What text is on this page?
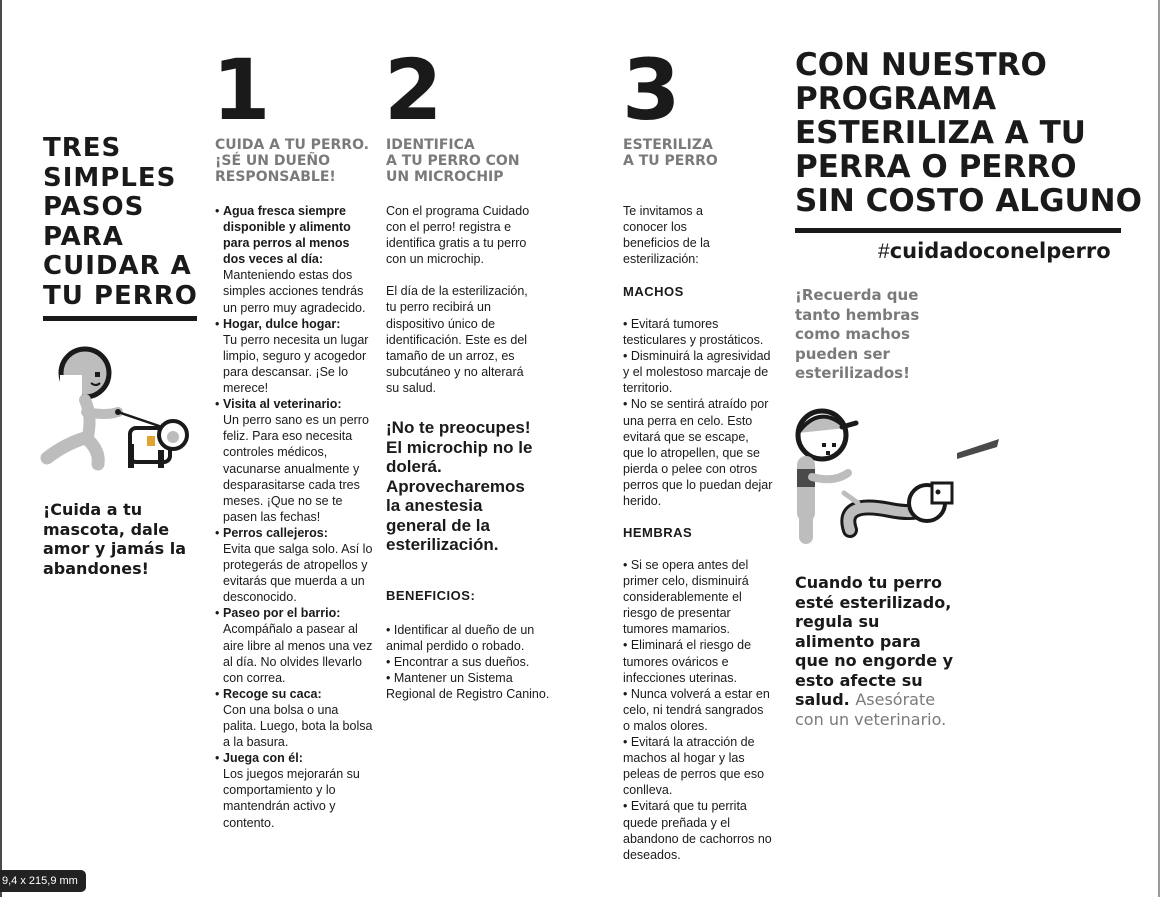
TRES SIMPLES PASOS PARA CUIDAR A TU PERRO

¡Cuida a tu mascota, dale amor y jamás la abandones!

1

CUIDA A TU PERRO.

¡SÉ UN DUEÑO

RESPONSABLE!

• Agua fresca siempre disponible y alimento para perros al menos dos veces al día:
Manteniendo estas dos simples acciones tendrás un perro muy agradecido.
• Hogar, dulce hogar:
Tu perro necesita un lugar limpio, seguro y acogedor para descansar. ¡Se lo merece!
• Visita al veterinario:
Un perro sano es un perro feliz. Para eso necesita controles médicos, vacunarse anualmente y desparasitarse cada tres meses. ¡Que no se te pasen las fechas!
• Perros callejeros:
Evita que salga solo. Así lo protegerás de atropellos y evitarás que muerda a un desconocido.
• Paseo por el barrio:
Acompáñalo a pasear al aire libre al menos una vez al día. No olvides llevarlo con correa.
• Recoge su caca:
Con una bolsa o una palita. Luego, bota la bolsa a la basura.
• Juega con él:
Los juegos mejorarán su comportamiento y lo mantendrán activo y contento.
2

IDENTIFICA

A TU PERRO CON

UN MICROCHIP

Con el programa Cuidado con el perro! registra e identifica gratis a tu perro con un microchip.

El día de la esterilización, tu perro recibirá un dispositivo único de identificación. Este es del tamaño de un arroz, es subcutáneo y no alterará su salud.

¡No te preocupes! El microchip no le dolerá. Aprovecharemos la anestesia general de la esterilización.

BENEFICIOS:

• Identificar al dueño de un animal perdido o robado.
• Encontrar a sus dueños.
• Mantener un Sistema Regional de Registro Canino.
3

ESTERILIZA

A TU PERRO

Te invitamos a conocer los beneficios de la esterilización:

MACHOS

• Evitará tumores testiculares y prostáticos.
• Disminuirá la agresividad y el molestoso marcaje de territorio.
• No se sentirá atraído por una perra en celo. Esto evitará que se escape, que lo atropellen, que se pierda o pelee con otros perros que lo puedan dejar herido.

HEMBRAS

• Si se opera antes del primer celo, disminuirá considerablemente el riesgo de presentar tumores mamarios.
• Eliminará el riesgo de tumores ováricos e infecciones uterinas.
• Nunca volverá a estar en celo, ni tendrá sangrados o malos olores.
• Evitará la atracción de machos al hogar y las peleas de perros que eso conlleva.
• Evitará que tu perrita quede preñada y el abandono de cachorros no deseados.
CON NUESTRO PROGRAMA ESTERILIZA A TU PERRA O PERRO SIN COSTO ALGUNO
#cuidadoconelperro

¡Recuerda que tanto hembras como machos pueden ser esterilizados!

Cuando tu perro esté esterilizado, regula su alimento para que no engorde y esto afecte su salud. Asesórate con un veterinario.

9,4 x 215,9 mm
